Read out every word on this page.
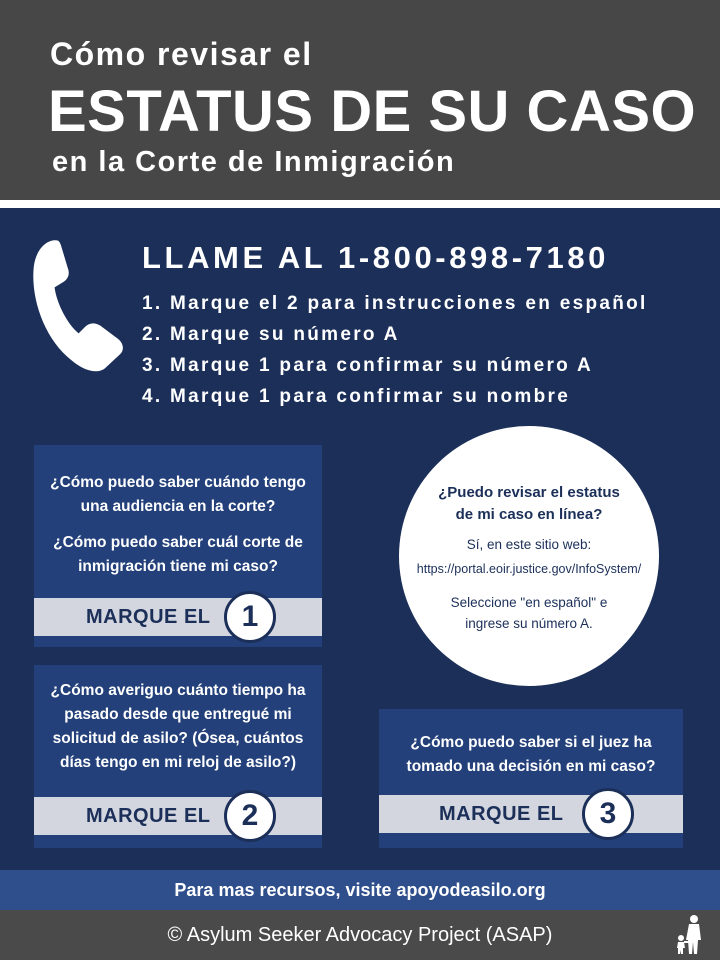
Cómo revisar el
ESTATUS DE SU CASO
en la Corte de Inmigración
LLAME AL 1-800-898-7180
1. Marque el 2 para instrucciones en español
2. Marque su número A
3. Marque 1 para confirmar su número A
4. Marque 1 para confirmar su nombre

¿Cómo puedo saber cuándo tengo una audiencia en la corte?

¿Cómo puedo saber cuál corte de inmigración tiene mi caso?

MARQUE EL	1
¿Puedo revisar el estatus de mi caso en línea?
Sí, en este sitio web:
https://portal.eoir.justice.gov/InfoSystem/
Seleccione "en español" e ingrese su número A.

¿Cómo averiguo cuánto tiempo ha pasado desde que entregué mi solicitud de asilo? (Ósea, cuántos días tengo en mi reloj de asilo?)

MARQUE EL	2

¿Cómo puedo saber si el juez ha tomado una decisión en mi caso?

MARQUE EL	3
Para mas recursos, visite apoyodeasilo.org
© Asylum Seeker Advocacy Project (ASAP)
